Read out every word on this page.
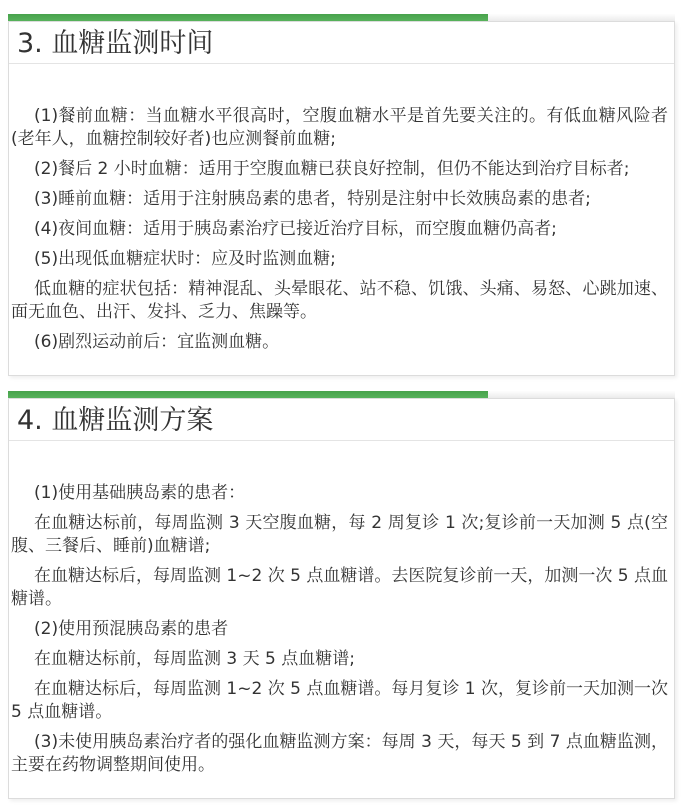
3. 血糖监测时间

(1)餐前血糖：当血糖水平很高时，空腹血糖水平是首先要关注的。有低血糖风险者(老年人，血糖控制较好者)也应测餐前血糖;

(2)餐后 2 小时血糖：适用于空腹血糖已获良好控制，但仍不能达到治疗目标者;

(3)睡前血糖：适用于注射胰岛素的患者，特别是注射中长效胰岛素的患者;

(4)夜间血糖：适用于胰岛素治疗已接近治疗目标，而空腹血糖仍高者;

(5)出现低血糖症状时：应及时监测血糖;

低血糖的症状包括：精神混乱、头晕眼花、站不稳、饥饿、头痛、易怒、心跳加速、面无血色、出汗、发抖、乏力、焦躁等。

(6)剧烈运动前后：宜监测血糖。

4. 血糖监测方案

(1)使用基础胰岛素的患者：

在血糖达标前，每周监测 3 天空腹血糖，每 2 周复诊 1 次;复诊前一天加测 5 点(空腹、三餐后、睡前)血糖谱;

在血糖达标后，每周监测 1~2 次 5 点血糖谱。去医院复诊前一天，加测一次 5 点血糖谱。

(2)使用预混胰岛素的患者

在血糖达标前，每周监测 3 天 5 点血糖谱;

在血糖达标后，每周监测 1~2 次 5 点血糖谱。每月复诊 1 次，复诊前一天加测一次 5 点血糖谱。

(3)未使用胰岛素治疗者的强化血糖监测方案：每周 3 天，每天 5 到 7 点血糖监测，主要在药物调整期间使用。
